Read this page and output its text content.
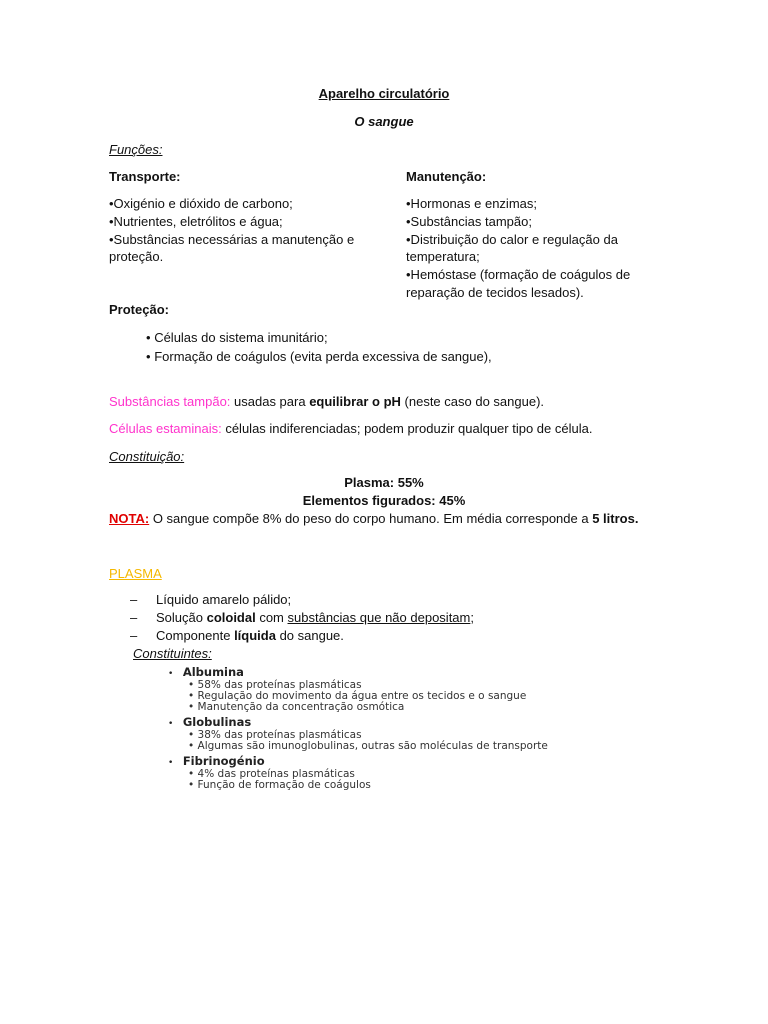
Aparelho circulatório
O sangue
Funções:
Transporte:
•Oxigénio e dióxido de carbono;
•Nutrientes, eletrólitos e água;
•Substâncias necessárias a manutenção e
proteção.
Manutenção:
•Hormonas e enzimas;
•Substâncias tampão;
•Distribuição do calor e regulação da
temperatura;
•Hemóstase (formação de coágulos de
reparação de tecidos lesados).
Proteção:
• Células do sistema imunitário;
• Formação de coágulos (evita perda excessiva de sangue),
Substâncias tampão: usadas para equilibrar o pH (neste caso do sangue).
Células estaminais: células indiferenciadas; podem produzir qualquer tipo de célula.
Constituição:
Plasma: 55%
Elementos figurados: 45%
NOTA: O sangue compõe 8% do peso do corpo humano. Em média corresponde a 5 litros.
PLASMA
– Líquido amarelo pálido;
– Solução coloidal com substâncias que não depositam;
– Componente líquida do sangue.
Constituintes:
• Albumina
• 58% das proteínas plasmáticas
• Regulação do movimento da água entre os tecidos e o sangue
• Manutenção da concentração osmótica
• Globulinas
• 38% das proteínas plasmáticas
• Algumas são imunoglobulinas, outras são moléculas de transporte
• Fibrinogénio
• 4% das proteínas plasmáticas
• Função de formação de coágulos
